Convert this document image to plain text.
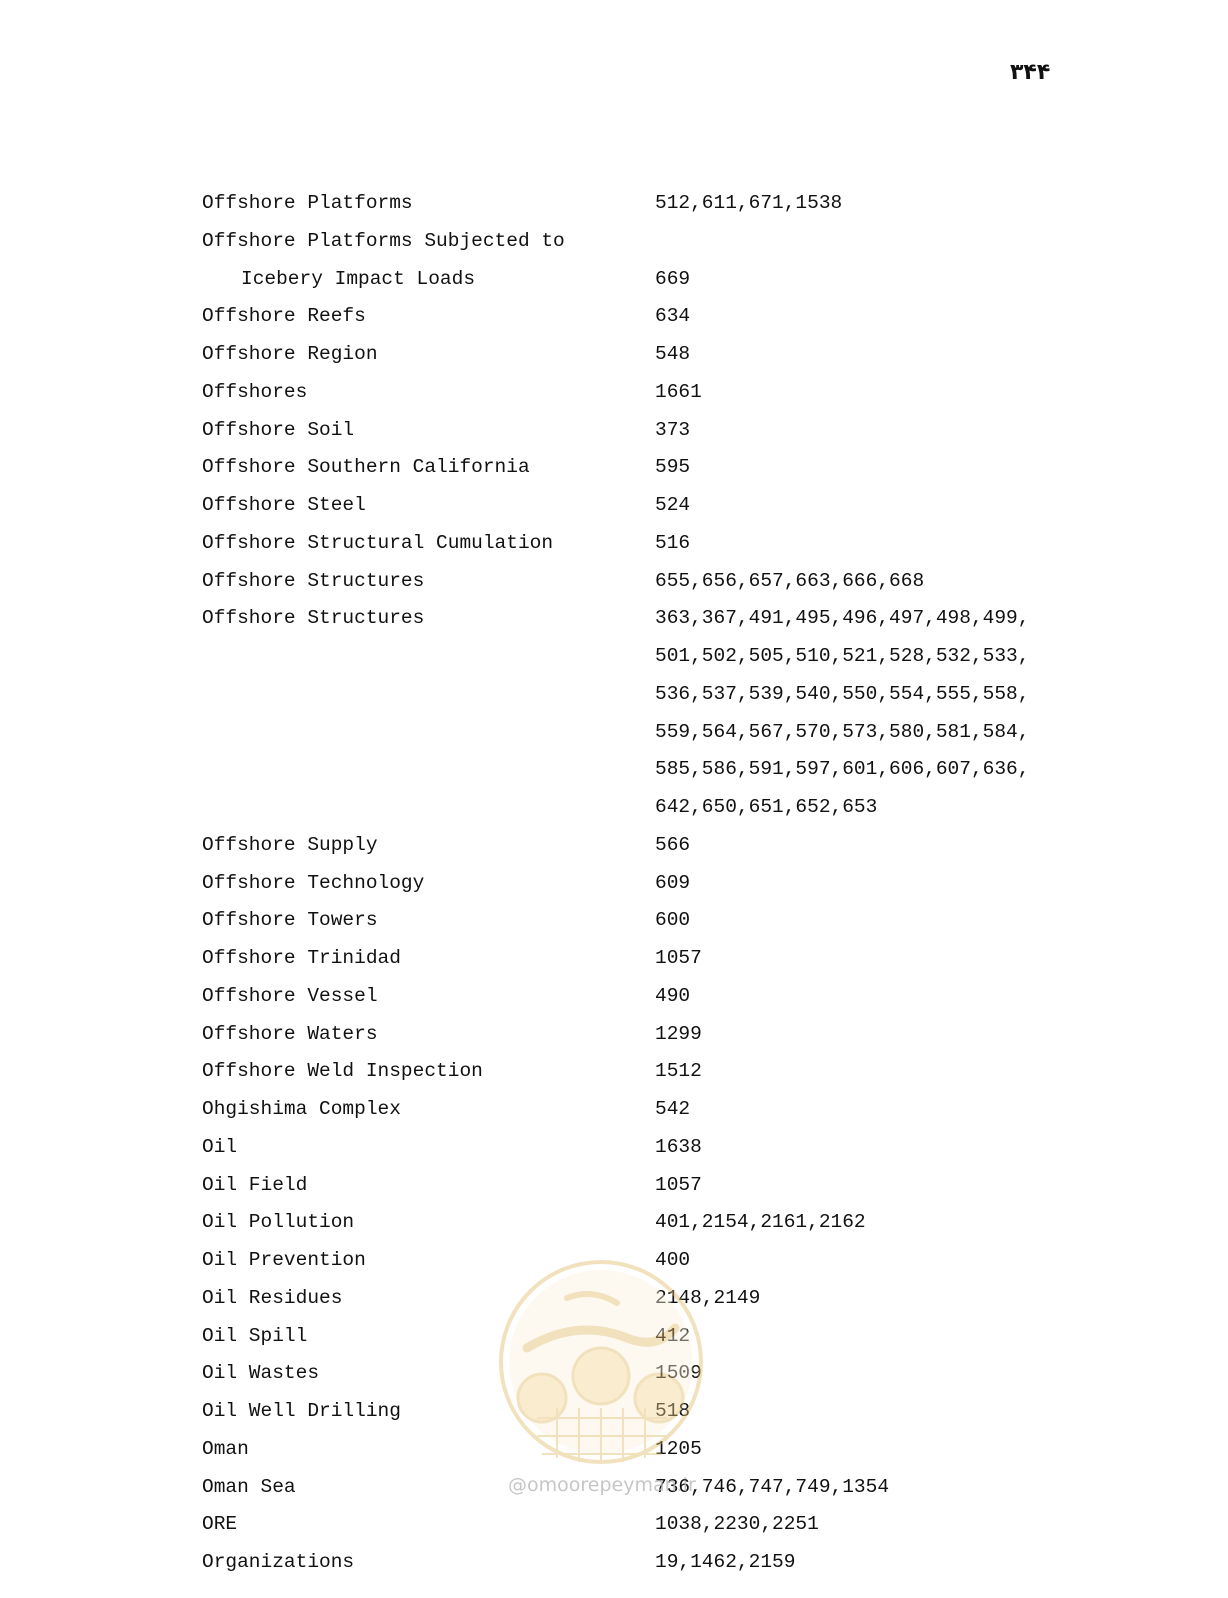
۳۴۴
Offshore Platforms	512,611,671,1538
Offshore Platforms Subjected to
Icebery Impact Loads	669
Offshore Reefs	634
Offshore Region	548
Offshores	1661
Offshore Soil	373
Offshore Southern California	595
Offshore Steel	524
Offshore Structural Cumulation	516
Offshore Structures	655,656,657,663,666,668
Offshore Structures	363,367,491,495,496,497,498,499,
501,502,505,510,521,528,532,533,
536,537,539,540,550,554,555,558,
559,564,567,570,573,580,581,584,
585,586,591,597,601,606,607,636,
642,650,651,652,653
Offshore Supply	566
Offshore Technology	609
Offshore Towers	600
Offshore Trinidad	1057
Offshore Vessel	490
Offshore Waters	1299
Offshore Weld Inspection	1512
Ohgishima Complex	542
Oil	1638
Oil Field	1057
Oil Pollution	401,2154,2161,2162
Oil Prevention	400
Oil Residues	2148,2149
Oil Spill	412
Oil Wastes	1509
Oil Well Drilling	518
Oman	1205
Oman Sea	736,746,747,749,1354
ORE	1038,2230,2251
Organizations	19,1462,2159
@omoorepeyman.ir
